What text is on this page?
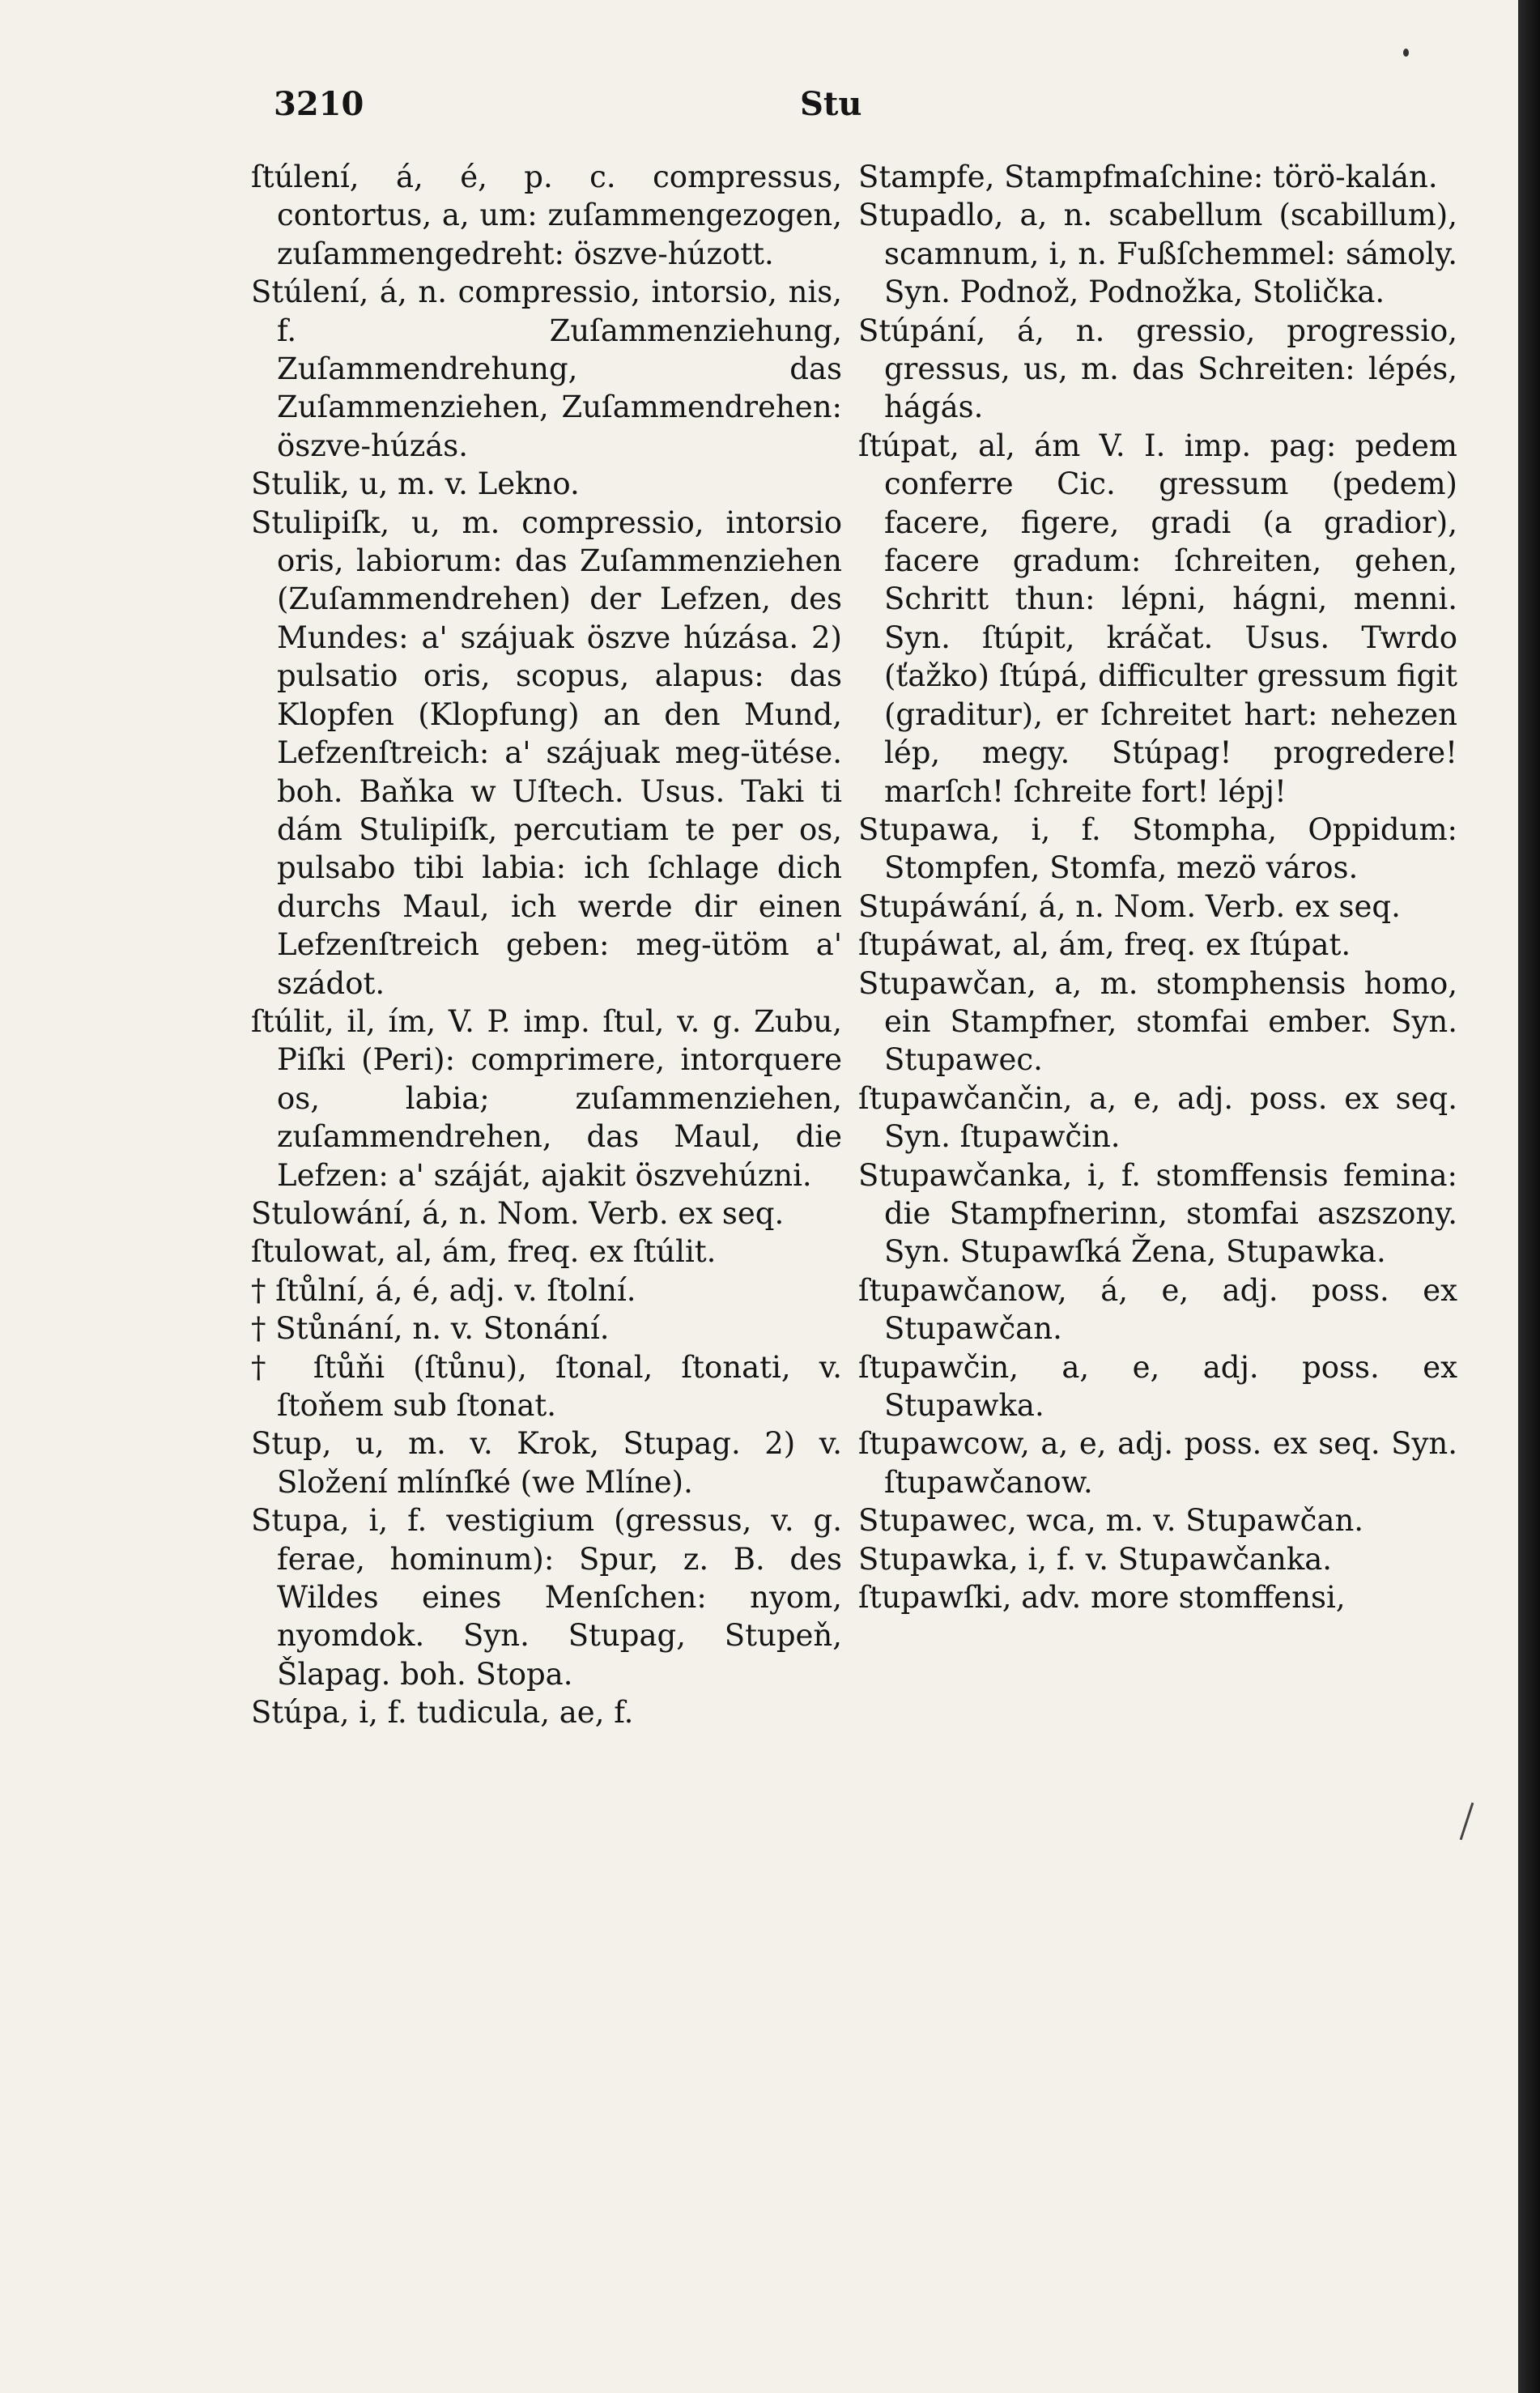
3210	Stu

ſtúlení, á, é, p. c. compressus, contortus, a, um: zuſammengezogen, zuſammengedreht: öszve-húzott.

Stúlení, á, n. compressio, intorsio, nis, f. Zuſammenziehung, Zuſammendrehung, das Zuſammenziehen, Zuſammendrehen: öszve-húzás.

Stulik, u, m. v. Lekno.

Stulipiſk, u, m. compressio, intorsio oris, labiorum: das Zuſammenziehen (Zuſammendrehen) der Lefzen, des Mundes: a' szájuak öszve húzása. 2) pulsatio oris, scopus, alapus: das Klopfen (Klopfung) an den Mund, Lefzenſtreich: a' szájuak meg-ütése. boh. Baňka w Uſtech. Usus. Taki ti dám Stulipiſk, percutiam te per os, pulsabo tibi labia: ich ſchlage dich durchs Maul, ich werde dir einen Lefzenſtreich geben: meg-ütöm a' szádot.

ſtúlit, il, ím, V. P. imp. ſtul, v. g. Zubu, Piſki (Peri): comprimere, intorquere os, labia; zuſammenziehen, zuſammendrehen, das Maul, die Lefzen: a' száját, ajakit öszvehúzni.

Stulowání, á, n. Nom. Verb. ex seq.

ſtulowat, al, ám, freq. ex ſtúlit.

† ſtůlní, á, é, adj. v. ſtolní.

† Stůnání, n. v. Stonání.

† ſtůňi (ſtůnu), ſtonal, ſtonati, v. ſtoňem sub ſtonat.

Stup, u, m. v. Krok, Stupag. 2) v. Složení mlínſké (we Mlíne).

Stupa, i, f. vestigium (gressus, v. g. ferae, hominum): Spur, z. B. des Wildes eines Menſchen: nyom, nyomdok. Syn. Stupag, Stupeň, Šlapag. boh. Stopa.

Stúpa, i, f. tudicula, ae, f.

Stampfe, Stampfmaſchine: törö-kalán.

Stupadlo, a, n. scabellum (scabillum), scamnum, i, n. Fußſchemmel: sámoly. Syn. Podnož, Podnožka, Stolička.

Stúpání, á, n. gressio, progressio, gressus, us, m. das Schreiten: lépés, hágás.

ſtúpat, al, ám V. I. imp. pag: pedem conferre Cic. gressum (pedem) facere, figere, gradi (a gradior), facere gradum: ſchreiten, gehen, Schritt thun: lépni, hágni, menni. Syn. ſtúpit, kráčat. Usus. Twrdo (ťažko) ſtúpá, difficulter gressum figit (graditur), er ſchreitet hart: nehezen lép, megy. Stúpag! progredere! marſch! ſchreite fort! lépj!

Stupawa, i, f. Stompha, Oppidum: Stompfen, Stomfa, mezö város.

Stupáwání, á, n. Nom. Verb. ex seq.

ſtupáwat, al, ám, freq. ex ſtúpat.

Stupawčan, a, m. stomphensis homo, ein Stampfner, stomfai ember. Syn. Stupawec.

ſtupawčančin, a, e, adj. poss. ex seq. Syn. ſtupawčin.

Stupawčanka, i, f. stomffensis femina: die Stampfnerinn, stomfai aszszony. Syn. Stupawſká Žena, Stupawka.

ſtupawčanow, á, e, adj. poss. ex Stupawčan.

ſtupawčin, a, e, adj. poss. ex Stupawka.

ſtupawcow, a, e, adj. poss. ex seq. Syn. ſtupawčanow.

Stupawec, wca, m. v. Stupawčan.

Stupawka, i, f. v. Stupawčanka.

ſtupawſki, adv. more stomffensi,
